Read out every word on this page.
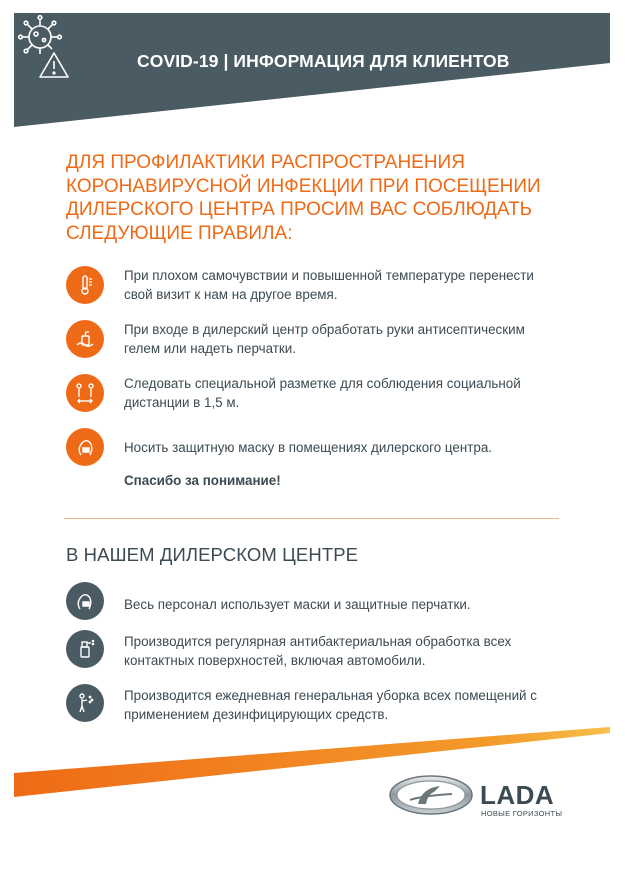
COVID-19 | ИНФОРМАЦИЯ ДЛЯ КЛИЕНТОВ
ДЛЯ ПРОФИЛАКТИКИ РАСПРОСТРАНЕНИЯ КОРОНАВИРУСНОЙ ИНФЕКЦИИ ПРИ ПОСЕЩЕНИИ ДИЛЕРСКОГО ЦЕНТРА ПРОСИМ ВАС СОБЛЮДАТЬ СЛЕДУЮЩИЕ ПРАВИЛА:
При плохом самочувствии и повышенной температуре перенести свой визит к нам на другое время.
При входе в дилерский центр обработать руки антисептическим гелем или надеть перчатки.
Следовать специальной разметке для соблюдения социальной дистанции в 1,5 м.
Носить защитную маску в помещениях дилерского центра.
Спасибо за понимание!
В НАШЕМ ДИЛЕРСКОМ ЦЕНТРЕ
Весь персонал использует маски и защитные перчатки.
Производится регулярная антибактериальная обработка всех контактных поверхностей, включая автомобили.
Производится ежедневная генеральная уборка всех помещений с применением дезинфицирующих средств.
LADA
НОВЫЕ ГОРИЗОНТЫ
